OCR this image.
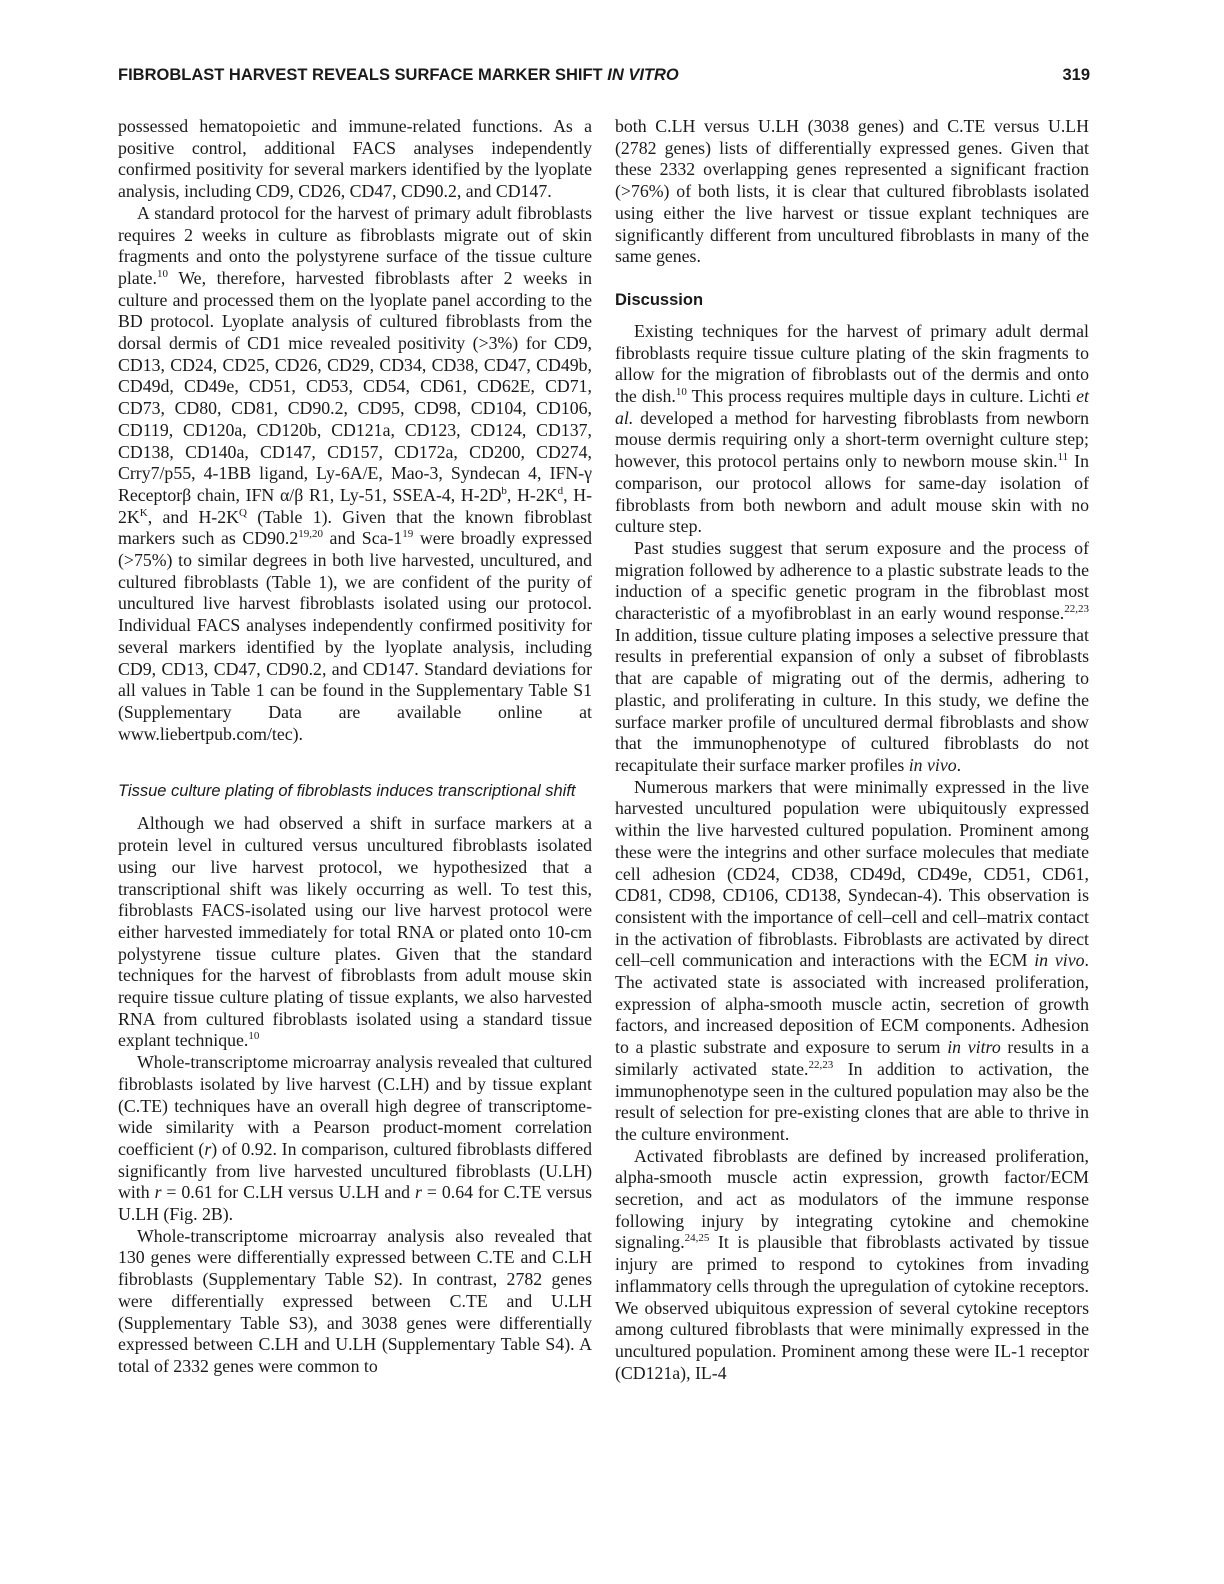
FIBROBLAST HARVEST REVEALS SURFACE MARKER SHIFT IN VITRO	319

possessed hematopoietic and immune-related functions. As a positive control, additional FACS analyses independently confirmed positivity for several markers identified by the lyoplate analysis, including CD9, CD26, CD47, CD90.2, and CD147.

A standard protocol for the harvest of primary adult fibroblasts requires 2 weeks in culture as fibroblasts migrate out of skin fragments and onto the polystyrene surface of the tissue culture plate.$^{10}$ We, therefore, harvested fibroblasts after 2 weeks in culture and processed them on the lyoplate panel according to the BD protocol. Lyoplate analysis of cultured fibroblasts from the dorsal dermis of CD1 mice revealed positivity (>3%) for CD9, CD13, CD24, CD25, CD26, CD29, CD34, CD38, CD47, CD49b, CD49d, CD49e, CD51, CD53, CD54, CD61, CD62E, CD71, CD73, CD80, CD81, CD90.2, CD95, CD98, CD104, CD106, CD119, CD120a, CD120b, CD121a, CD123, CD124, CD137, CD138, CD140a, CD147, CD157, CD172a, CD200, CD274, Crry7/p55, 4-1BB ligand, Ly-6A/E, Mao-3, Syndecan 4, IFN-γ Receptorβ chain, IFN α/β R1, Ly-51, SSEA-4, $H-2D^b$, $H-2K^d$, $H-2K^K$, and $H-2K^Q$ (Table 1). Given that the known fibroblast markers such as CD90.2$^{19,20}$ and Sca-$1^{19}$ were broadly expressed (>75%) to similar degrees in both live harvested, uncultured, and cultured fibroblasts (Table 1), we are confident of the purity of uncultured live harvest fibroblasts isolated using our protocol. Individual FACS analyses independently confirmed positivity for several markers identified by the lyoplate analysis, including CD9, CD13, CD47, CD90.2, and CD147. Standard deviations for all values in Table 1 can be found in the Supplementary Table S1 (Supplementary Data are available online at www.liebertpub.com/tec).

Tissue culture plating of fibroblasts induces transcriptional shift

Although we had observed a shift in surface markers at a protein level in cultured versus uncultured fibroblasts isolated using our live harvest protocol, we hypothesized that a transcriptional shift was likely occurring as well. To test this, fibroblasts FACS-isolated using our live harvest protocol were either harvested immediately for total RNA or plated onto 10-cm polystyrene tissue culture plates. Given that the standard techniques for the harvest of fibroblasts from adult mouse skin require tissue culture plating of tissue explants, we also harvested RNA from cultured fibroblasts isolated using a standard tissue explant technique.$^{10}$

Whole-transcriptome microarray analysis revealed that cultured fibroblasts isolated by live harvest (C.LH) and by tissue explant (C.TE) techniques have an overall high degree of transcriptome-wide similarity with a Pearson product-moment correlation coefficient (r) of 0.92. In comparison, cultured fibroblasts differed significantly from live harvested uncultured fibroblasts (U.LH) with r = 0.61 for C.LH versus U.LH and r = 0.64 for C.TE versus U.LH (Fig. 2B).

Whole-transcriptome microarray analysis also revealed that 130 genes were differentially expressed between C.TE and C.LH fibroblasts (Supplementary Table S2). In contrast, 2782 genes were differentially expressed between C.TE and U.LH (Supplementary Table S3), and 3038 genes were differentially expressed between C.LH and U.LH (Supplementary Table S4). A total of 2332 genes were common to

both C.LH versus U.LH (3038 genes) and C.TE versus U.LH (2782 genes) lists of differentially expressed genes. Given that these 2332 overlapping genes represented a significant fraction (>76%) of both lists, it is clear that cultured fibroblasts isolated using either the live harvest or tissue explant techniques are significantly different from uncultured fibroblasts in many of the same genes.

Discussion

Existing techniques for the harvest of primary adult dermal fibroblasts require tissue culture plating of the skin fragments to allow for the migration of fibroblasts out of the dermis and onto the dish.$^{10}$ This process requires multiple days in culture. Lichti et al. developed a method for harvesting fibroblasts from newborn mouse dermis requiring only a short-term overnight culture step; however, this protocol pertains only to newborn mouse skin.$^{11}$ In comparison, our protocol allows for same-day isolation of fibroblasts from both newborn and adult mouse skin with no culture step.

Past studies suggest that serum exposure and the process of migration followed by adherence to a plastic substrate leads to the induction of a specific genetic program in the fibroblast most characteristic of a myofibroblast in an early wound response.$^{22,23}$ In addition, tissue culture plating imposes a selective pressure that results in preferential expansion of only a subset of fibroblasts that are capable of migrating out of the dermis, adhering to plastic, and proliferating in culture. In this study, we define the surface marker profile of uncultured dermal fibroblasts and show that the immunophenotype of cultured fibroblasts do not recapitulate their surface marker profiles in vivo.

Numerous markers that were minimally expressed in the live harvested uncultured population were ubiquitously expressed within the live harvested cultured population. Prominent among these were the integrins and other surface molecules that mediate cell adhesion (CD24, CD38, CD49d, CD49e, CD51, CD61, CD81, CD98, CD106, CD138, Syndecan-4). This observation is consistent with the importance of cell–cell and cell–matrix contact in the activation of fibroblasts. Fibroblasts are activated by direct cell–cell communication and interactions with the ECM in vivo. The activated state is associated with increased proliferation, expression of alpha-smooth muscle actin, secretion of growth factors, and increased deposition of ECM components. Adhesion to a plastic substrate and exposure to serum in vitro results in a similarly activated state.$^{22,23}$ In addition to activation, the immunophenotype seen in the cultured population may also be the result of selection for pre-existing clones that are able to thrive in the culture environment.

Activated fibroblasts are defined by increased proliferation, alpha-smooth muscle actin expression, growth factor/ECM secretion, and act as modulators of the immune response following injury by integrating cytokine and chemokine signaling.$^{24,25}$ It is plausible that fibroblasts activated by tissue injury are primed to respond to cytokines from invading inflammatory cells through the upregulation of cytokine receptors. We observed ubiquitous expression of several cytokine receptors among cultured fibroblasts that were minimally expressed in the uncultured population. Prominent among these were IL-1 receptor (CD121a), IL-4
